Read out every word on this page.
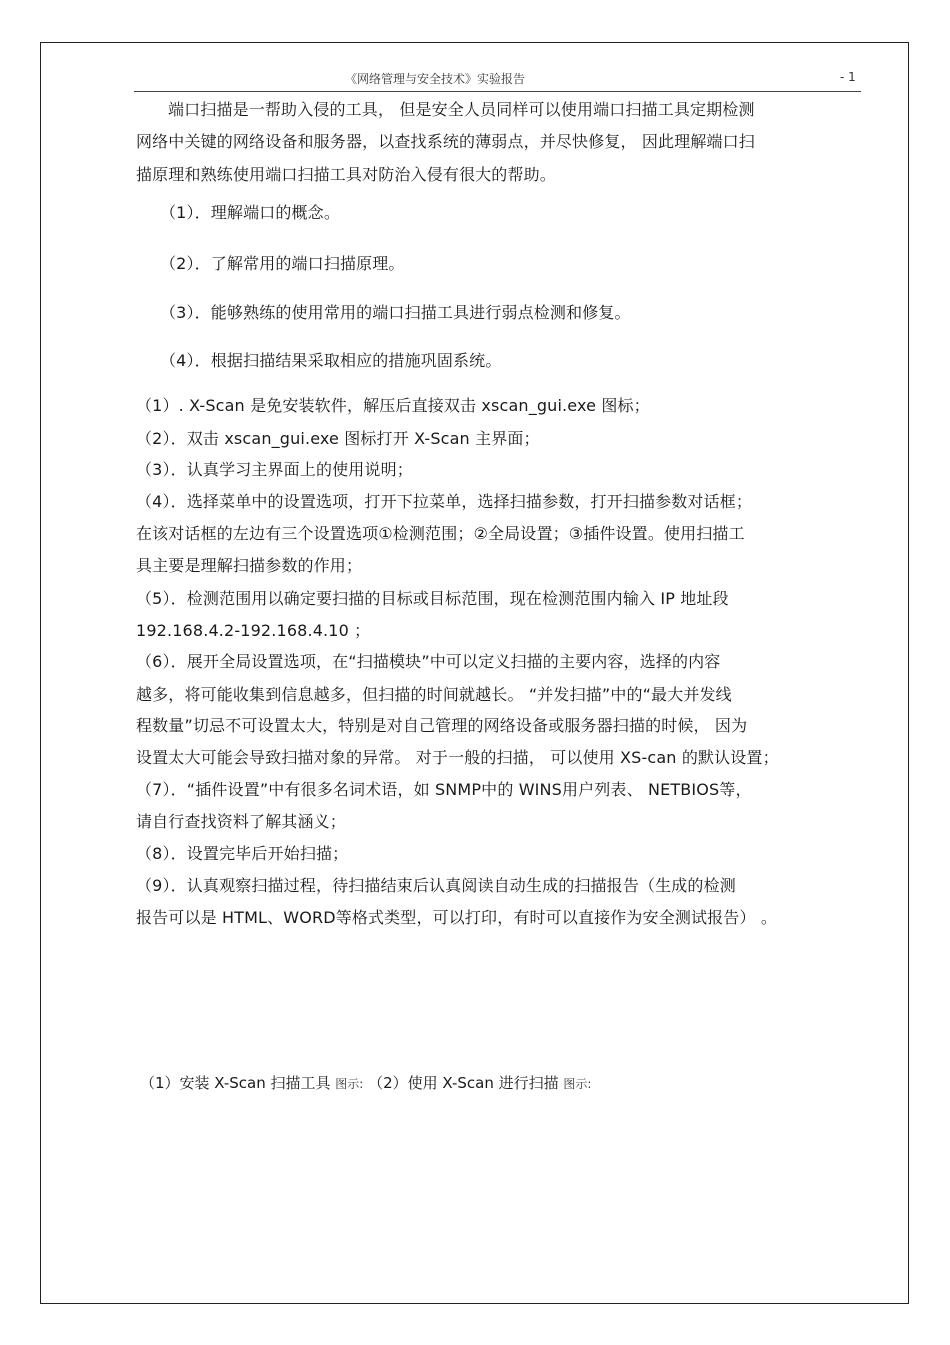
《网络管理与安全技术》实验报告	- 1
端口扫描是一帮助入侵的工具， 但是安全人员同样可以使用端口扫描工具定期检测
网络中关键的网络设备和服务器，以查找系统的薄弱点，并尽快修复， 因此理解端口扫
描原理和熟练使用端口扫描工具对防治入侵有很大的帮助。
（1）．理解端口的概念。
（2）．了解常用的端口扫描原理。
（3）．能够熟练的使用常用的端口扫描工具进行弱点检测和修复。
（4）．根据扫描结果采取相应的措施巩固系统。
（1）. X-Scan 是免安装软件，解压后直接双击 xscan_gui.exe 图标；
（2）．双击 xscan_gui.exe 图标打开 X-Scan 主界面；
（3）．认真学习主界面上的使用说明；
（4）．选择菜单中的设置选项，打开下拉菜单，选择扫描参数，打开扫描参数对话框；
在该对话框的左边有三个设置选项①检测范围；②全局设置；③插件设置。使用扫描工
具主要是理解扫描参数的作用；
（5）．检测范围用以确定要扫描的目标或目标范围，现在检测范围内输入 IP 地址段
192.168.4.2-192.168.4.10 ；
（6）．展开全局设置选项，在“扫描模块”中可以定义扫描的主要内容，选择的内容
越多，将可能收集到信息越多，但扫描的时间就越长。 “并发扫描”中的“最大并发线
程数量”切忌不可设置太大，特别是对自己管理的网络设备或服务器扫描的时候， 因为
设置太大可能会导致扫描对象的异常。 对于一般的扫描， 可以使用 XS-can 的默认设置；
（7）．“插件设置”中有很多名词术语，如 SNMP中的 WINS用户列表、 NETBIOS等，
请自行查找资料了解其涵义；
（8）．设置完毕后开始扫描；
（9）．认真观察扫描过程，待扫描结束后认真阅读自动生成的扫描报告（生成的检测
报告可以是 HTML、WORD等格式类型，可以打印，有时可以直接作为安全测试报告） 。
（1）安装 X-Scan 扫描工具 图示: （2）使用 X-Scan 进行扫描 图示:
